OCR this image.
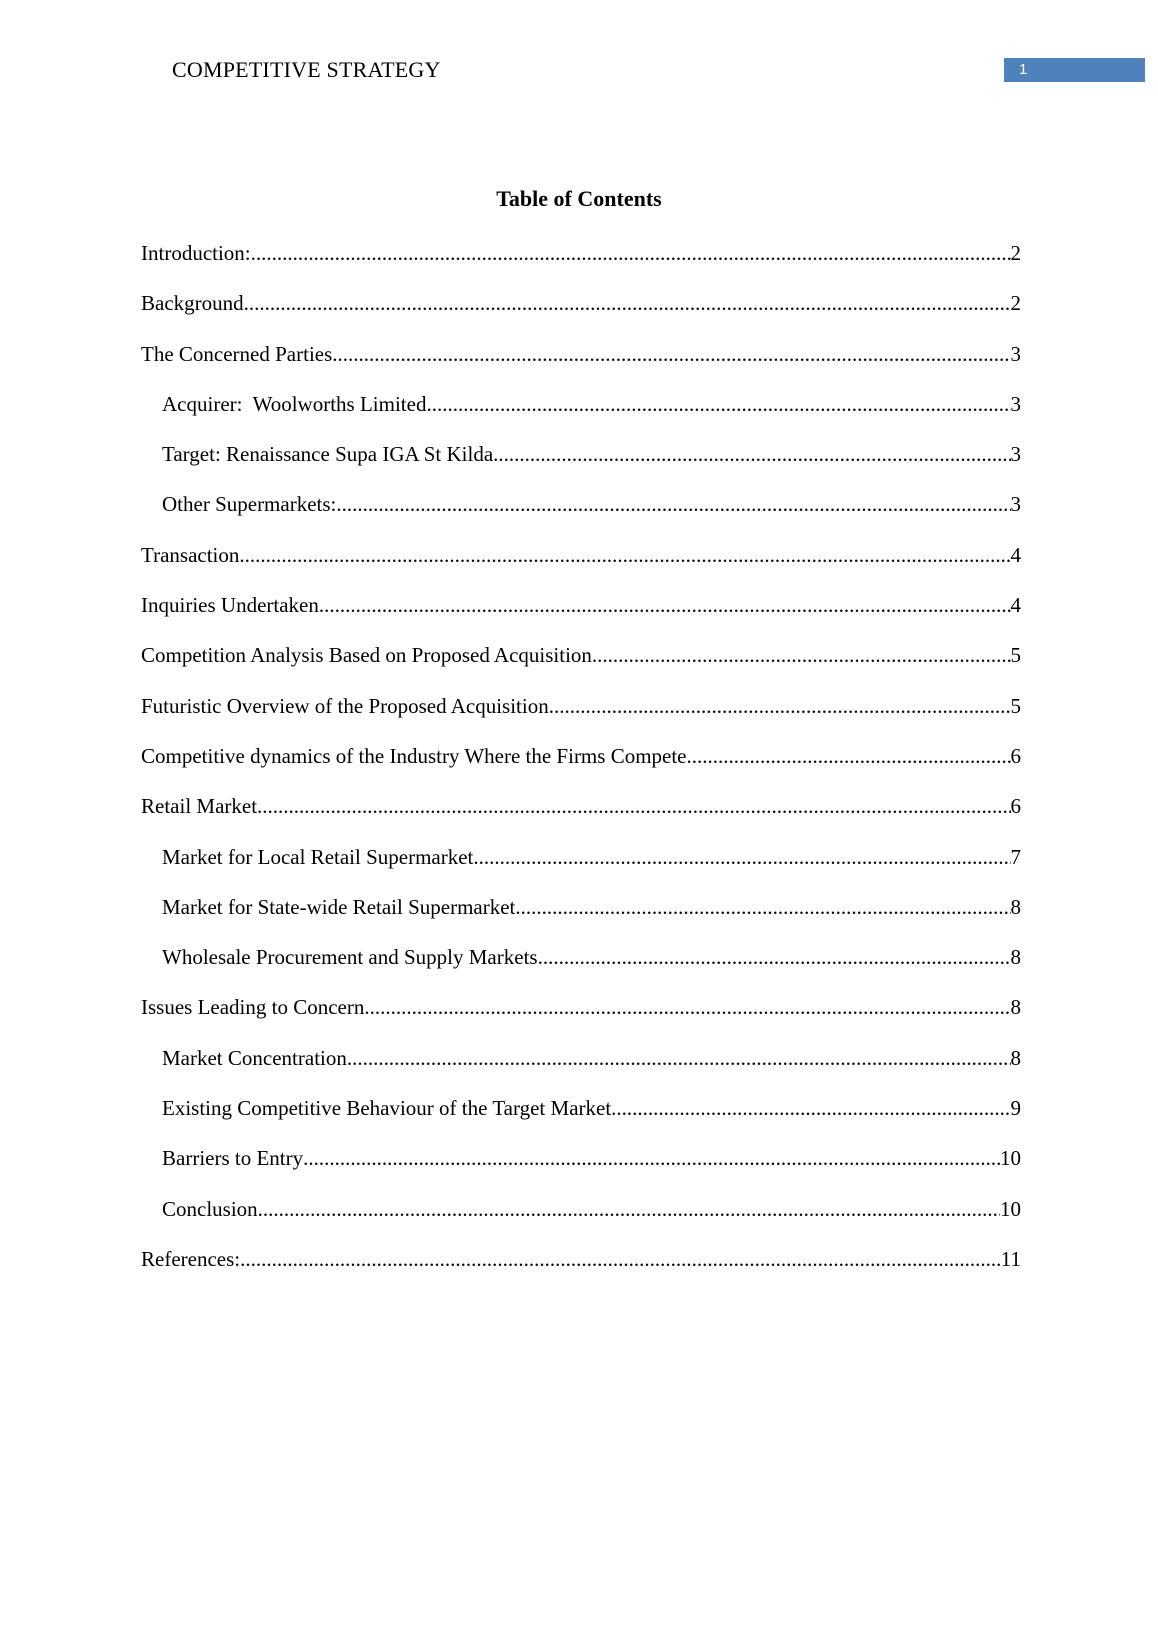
COMPETITIVE STRATEGY	1
Table of Contents
Introduction: .....	2
Background .....	2
The Concerned Parties .....	3
Acquirer:  Woolworths Limited .....	3
Target: Renaissance Supa IGA St Kilda .....	3
Other Supermarkets: .....	3
Transaction .....	4
Inquiries Undertaken .....	4
Competition Analysis Based on Proposed Acquisition .....	5
Futuristic Overview of the Proposed Acquisition .....	5
Competitive dynamics of the Industry Where the Firms Compete .....	6
Retail Market .....	6
Market for Local Retail Supermarket .....	7
Market for State-wide Retail Supermarket .....	8
Wholesale Procurement and Supply Markets .....	8
Issues Leading to Concern .....	8
Market Concentration .....	8
Existing Competitive Behaviour of the Target Market .....	9
Barriers to Entry .....	10
Conclusion .....	10
References: .....	11
